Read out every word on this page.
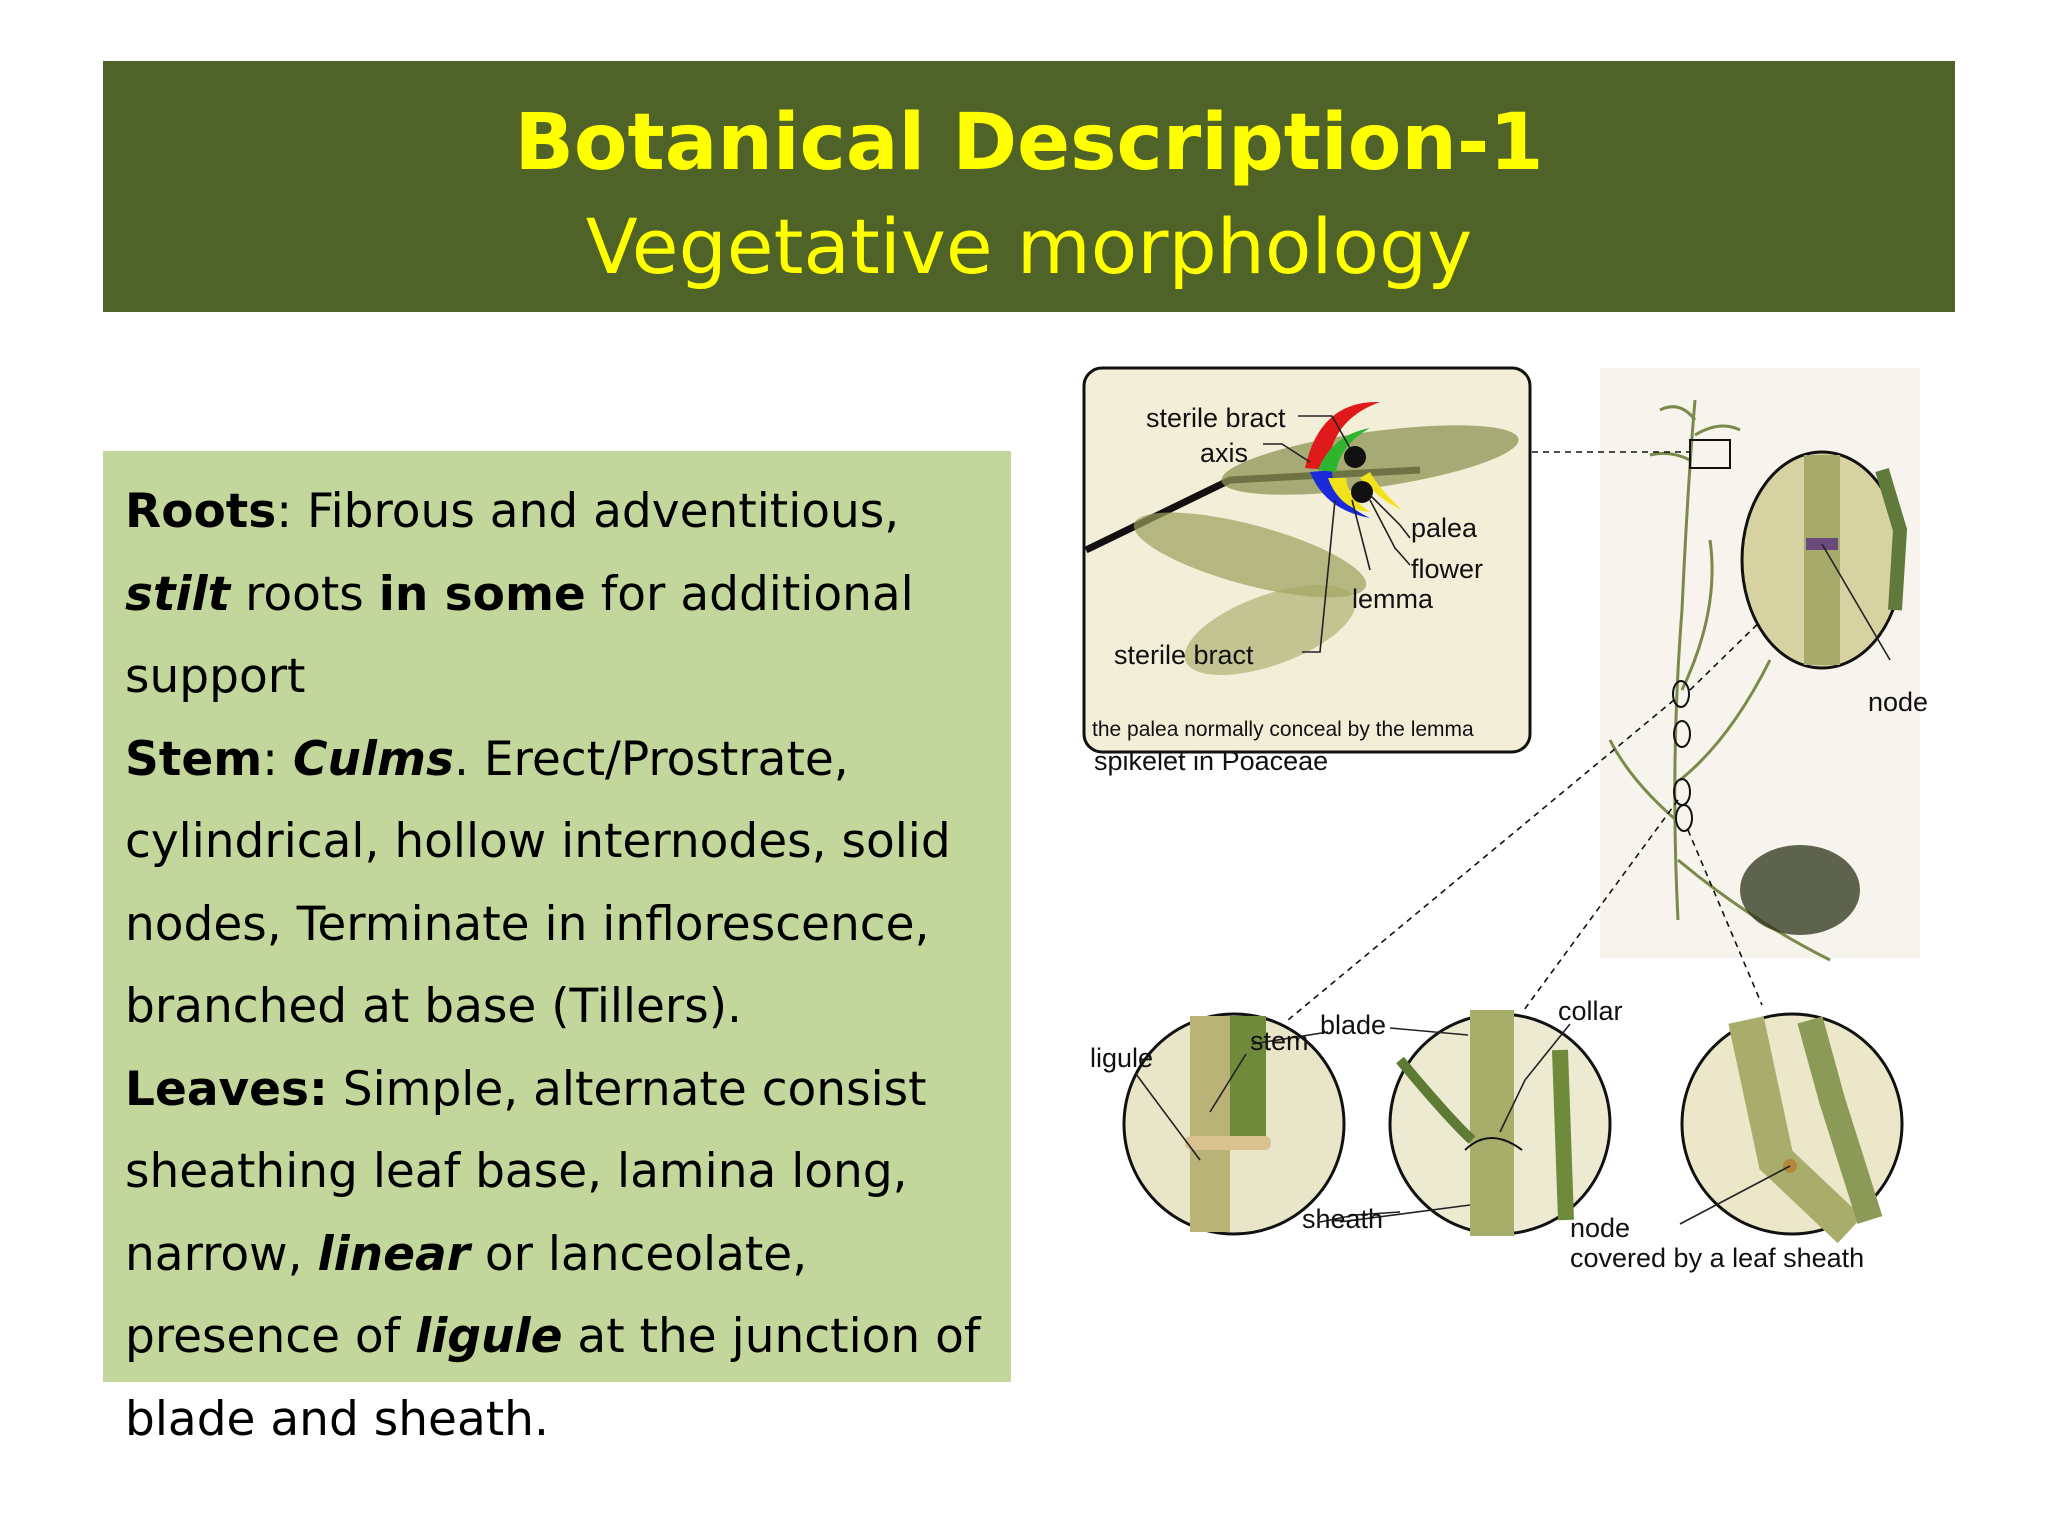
Botanical Description-1
Vegetative morphology

Roots: Fibrous and adventitious, stilt roots in some for additional support

Stem: Culms. Erect/Prostrate, cylindrical, hollow internodes, solid nodes, Terminate in inflorescence, branched at base (Tillers).

Leaves: Simple, alternate consist sheathing leaf base, lamina long, narrow, linear or lanceolate, presence of ligule at the junction of blade and sheath.

sterile bract
axis
palea
flower
lemma
sterile bract
the palea normally conceal by the lemma
spikelet in Poaceae
node
ligule
stem
blade	collar
sheath	node
covered by a leaf sheath
